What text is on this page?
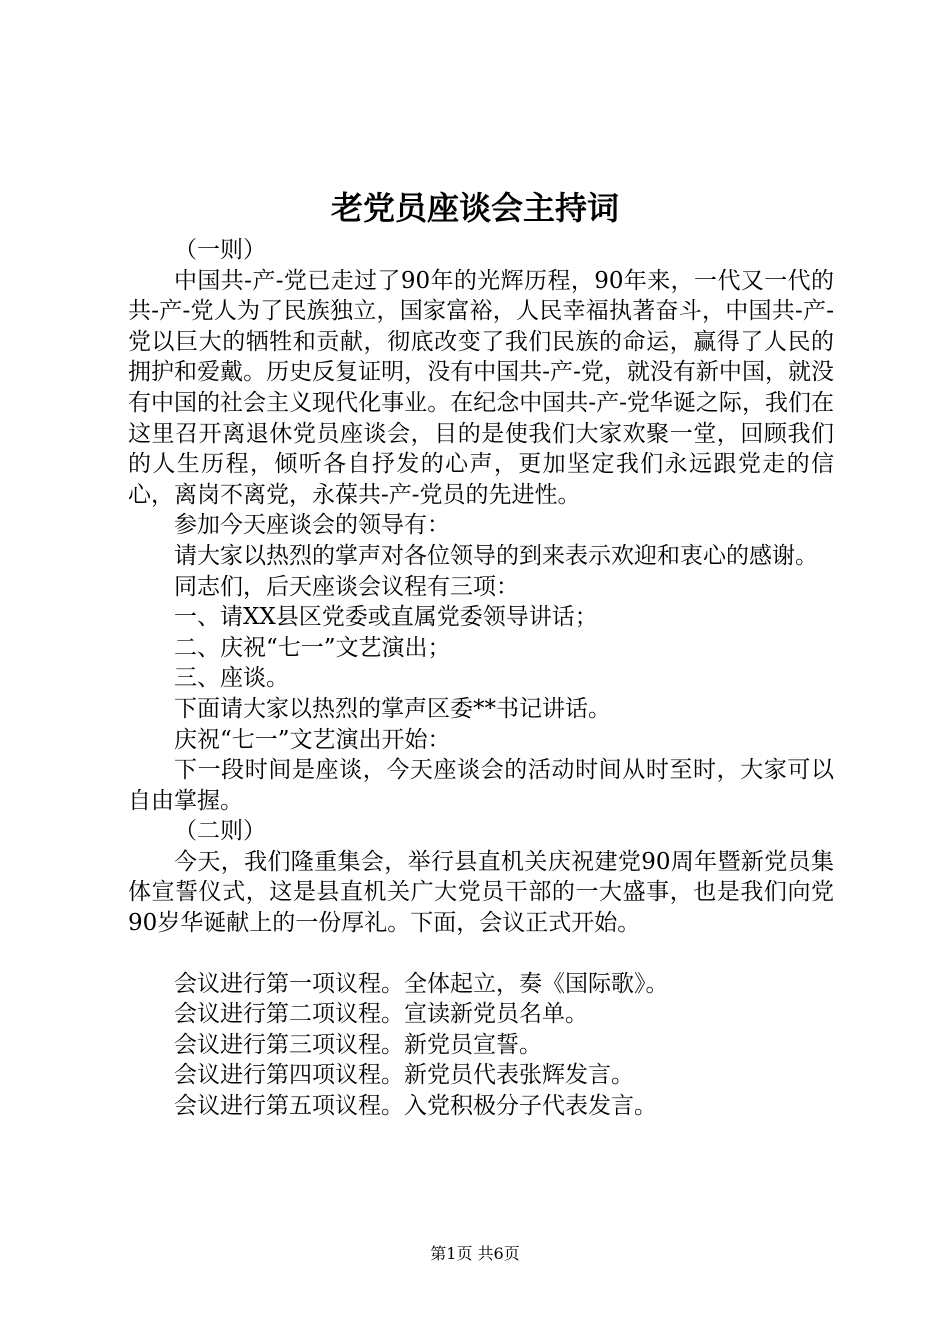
老党员座谈会主持词

（一则）

中国共-产-党已走过了90年的光辉历程，90年来，一代又一代的共-产-党人为了民族独立，国家富裕，人民幸福执著奋斗，中国共-产-党以巨大的牺牲和贡献，彻底改变了我们民族的命运，赢得了人民的拥护和爱戴。历史反复证明，没有中国共-产-党，就没有新中国，就没有中国的社会主义现代化事业。在纪念中国共-产-党华诞之际，我们在这里召开离退休党员座谈会，目的是使我们大家欢聚一堂，回顾我们的人生历程，倾听各自抒发的心声，更加坚定我们永远跟党走的信心，离岗不离党，永葆共-产-党员的先进性。

参加今天座谈会的领导有：

请大家以热烈的掌声对各位领导的到来表示欢迎和衷心的感谢。

同志们，后天座谈会议程有三项：

一、请XX县区党委或直属党委领导讲话；

二、庆祝“七一”文艺演出；

三、座谈。

下面请大家以热烈的掌声区委**书记讲话。

庆祝“七一”文艺演出开始：

下一段时间是座谈，今天座谈会的活动时间从时至时，大家可以自由掌握。

（二则）

今天，我们隆重集会，举行县直机关庆祝建党90周年暨新党员集体宣誓仪式，这是县直机关广大党员干部的一大盛事，也是我们向党90岁华诞献上的一份厚礼。下面，会议正式开始。

会议进行第一项议程。全体起立，奏《国际歌》。

会议进行第二项议程。宣读新党员名单。

会议进行第三项议程。新党员宣誓。

会议进行第四项议程。新党员代表张辉发言。

会议进行第五项议程。入党积极分子代表发言。

第1页 共6页
